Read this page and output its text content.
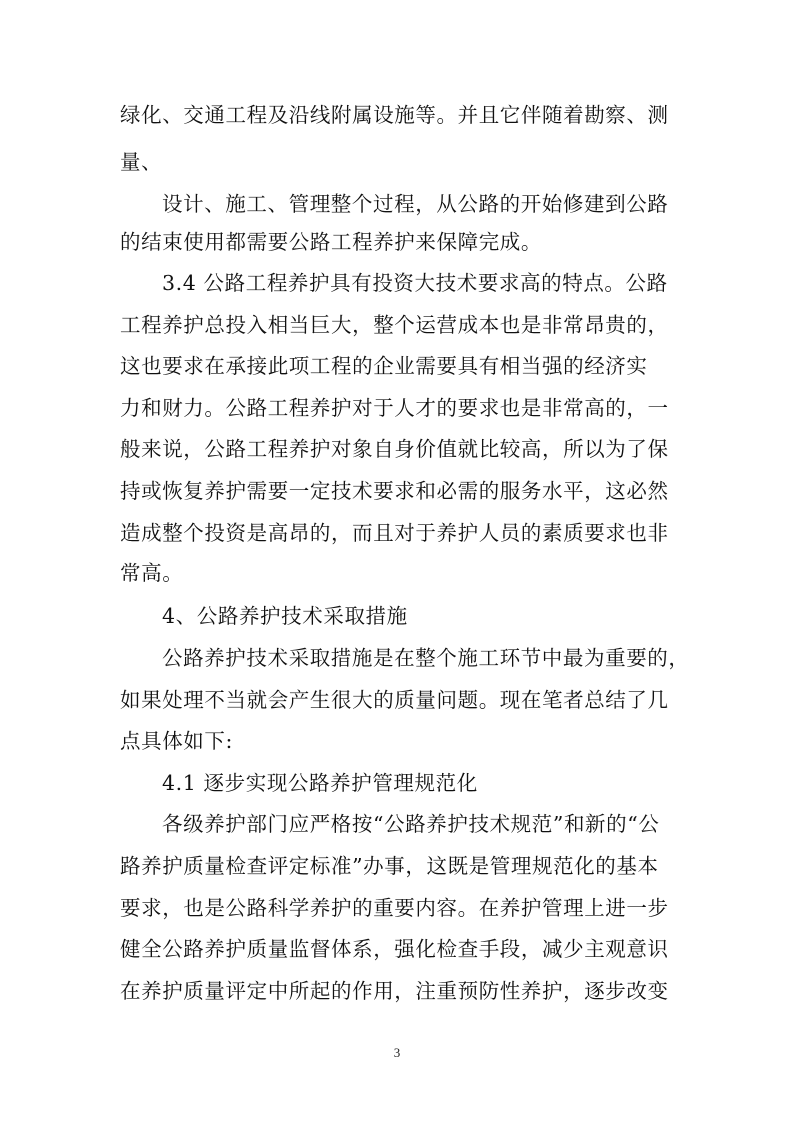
绿化、交通工程及沿线附属设施等。并且它伴随着勘察、测
量、
设计、施工、管理整个过程，从公路的开始修建到公路
的结束使用都需要公路工程养护来保障完成。
3.4 公路工程养护具有投资大技术要求高的特点。公路
工程养护总投入相当巨大，整个运营成本也是非常昂贵的，
这也要求在承接此项工程的企业需要具有相当强的经济实
力和财力。公路工程养护对于人才的要求也是非常高的，一
般来说，公路工程养护对象自身价值就比较高，所以为了保
持或恢复养护需要一定技术要求和必需的服务水平，这必然
造成整个投资是高昂的，而且对于养护人员的素质要求也非
常高。
4、公路养护技术采取措施
公路养护技术采取措施是在整个施工环节中最为重要的，
如果处理不当就会产生很大的质量问题。现在笔者总结了几
点具体如下:
4.1 逐步实现公路养护管理规范化
各级养护部门应严格按“公路养护技术规范”和新的“公
路养护质量检查评定标准”办事，这既是管理规范化的基本
要求，也是公路科学养护的重要内容。在养护管理上进一步
健全公路养护质量监督体系，强化检查手段，减少主观意识
在养护质量评定中所起的作用，注重预防性养护，逐步改变
3
